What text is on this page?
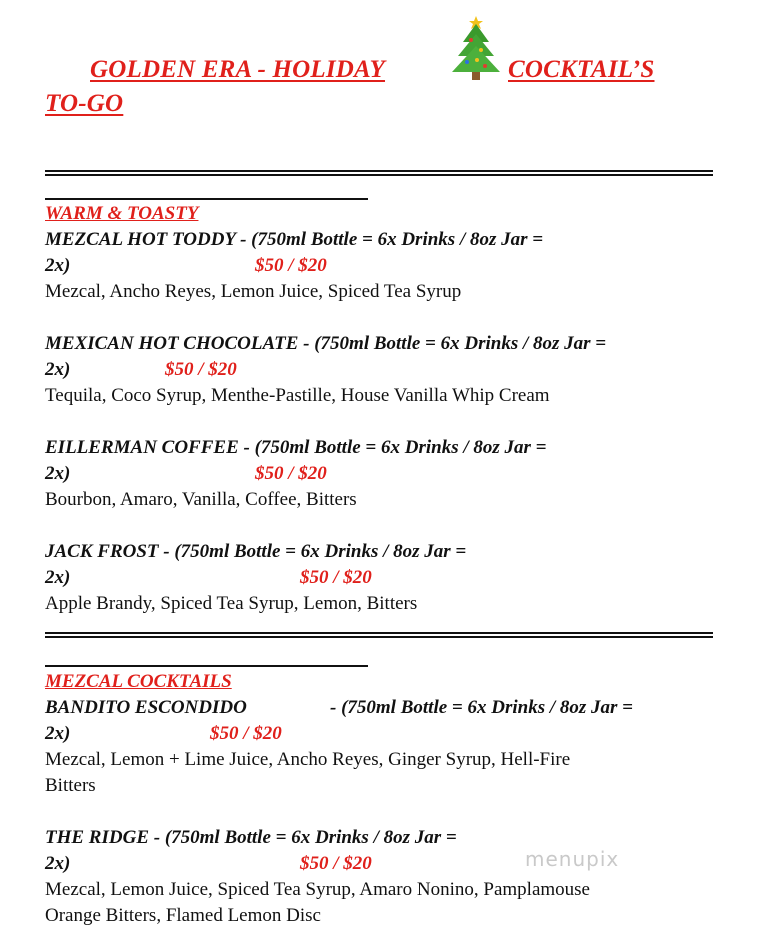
GOLDEN ERA - HOLIDAY	COCKTAIL’S
TO-GO
WARM & TOASTY
MEZCAL HOT TODDY - (750ml Bottle = 6x Drinks / 8oz Jar =
2x)	$50 / $20
Mezcal, Ancho Reyes, Lemon Juice, Spiced Tea Syrup
MEXICAN HOT CHOCOLATE - (750ml Bottle = 6x Drinks / 8oz Jar =
2x)	$50 / $20
Tequila, Coco Syrup, Menthe-Pastille, House Vanilla Whip Cream
EILLERMAN COFFEE - (750ml Bottle = 6x Drinks / 8oz Jar =
2x)	$50 / $20
Bourbon, Amaro, Vanilla, Coffee, Bitters
JACK FROST - (750ml Bottle = 6x Drinks / 8oz Jar =
2x)	$50 / $20
Apple Brandy, Spiced Tea Syrup, Lemon, Bitters
MEZCAL COCKTAILS
BANDITO ESCONDIDO	- (750ml Bottle = 6x Drinks / 8oz Jar =
2x)	$50 / $20
Mezcal, Lemon + Lime Juice, Ancho Reyes, Ginger Syrup, Hell-Fire
Bitters
THE RIDGE - (750ml Bottle = 6x Drinks / 8oz Jar =
2x)	$50 / $20
Mezcal, Lemon Juice, Spiced Tea Syrup, Amaro Nonino, Pamplamouse
Orange Bitters, Flamed Lemon Disc
menupix
